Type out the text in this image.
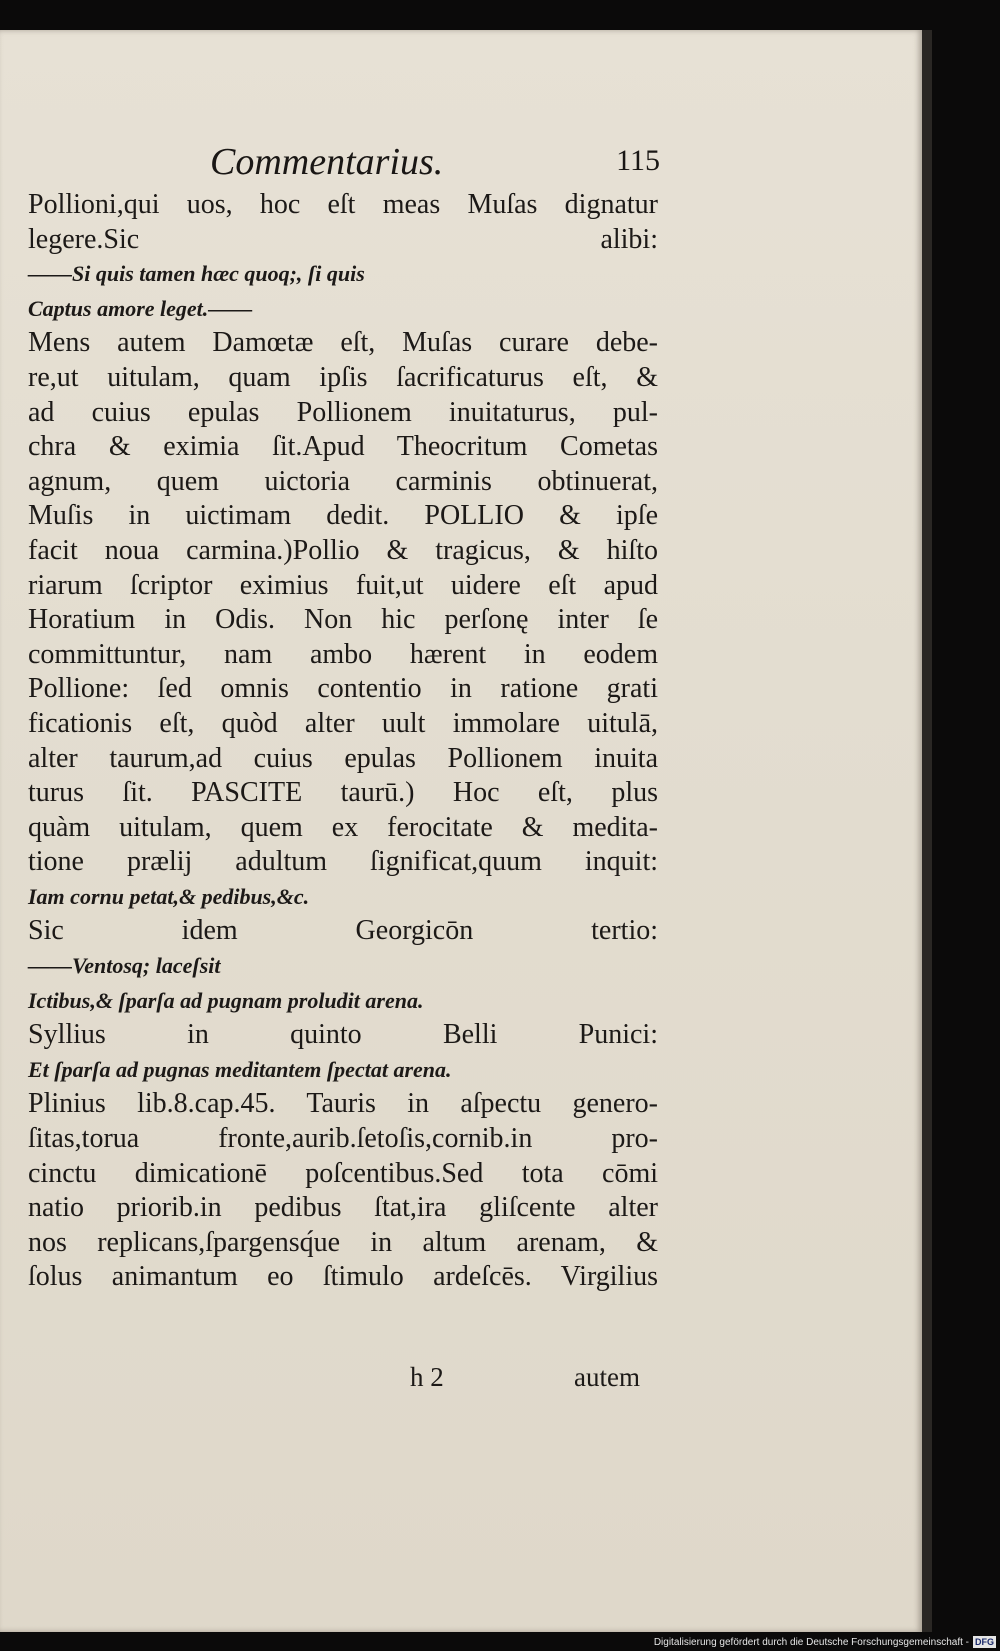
Commentarius.	115
Pollioni,qui uos, hoc eſt meas Muſas dignatur
legere.Sic alibi:
——Si quis tamen hæc quoq;, ſi quis
Captus amore leget.——
Mens autem Damœtæ eſt, Muſas curare debe-
re,ut uitulam, quam ipſis ſacrificaturus eſt, &
ad cuius epulas Pollionem inuitaturus, pul-
chra & eximia ſit.Apud Theocritum Cometas
agnum, quem uictoria carminis obtinuerat,
Muſis in uictimam dedit. POLLIO & ipſe
facit noua carmina.)Pollio & tragicus, & hiſto
riarum ſcriptor eximius fuit,ut uidere eſt apud
Horatium in Odis. Non hic perſonę inter ſe
committuntur, nam ambo hærent in eodem
Pollione: ſed omnis contentio in ratione grati
ficationis eſt, quòd alter uult immolare uitulā,
alter taurum,ad cuius epulas Pollionem inuita
turus ſit. PASCITE taurū.) Hoc eſt, plus
quàm uitulam, quem ex ferocitate & medita-
tione prælij adultum ſignificat,quum inquit:
Iam cornu petat,& pedibus,&c.
Sic idem Georgicōn tertio:
——Ventosq; laceſsit
Ictibus,& ſparſa ad pugnam proludit arena.
Syllius in quinto Belli Punici:
Et ſparſa ad pugnas meditantem ſpectat arena.
Plinius lib.8.cap.45. Tauris in aſpectu genero-
ſitas,torua fronte,aurib.ſetoſis,cornib.in pro-
cinctu dimicationē poſcentibus.Sed tota cōmi
natio priorib.in pedibus ſtat,ira gliſcente alter
nos replicans,ſpargensq́ue in altum arenam, &
ſolus animantum eo ſtimulo ardeſcēs. Virgilius
h 2	autem
Digitalisierung gefördert durch die Deutsche Forschungsgemeinschaft - DFG
